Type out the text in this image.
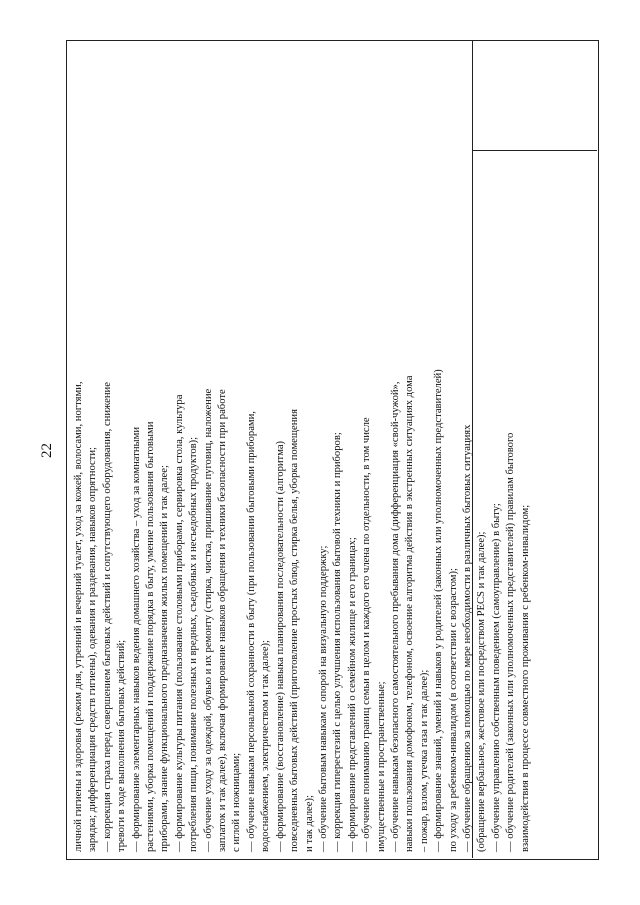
22 личной гигиены и здоровья (режим дня, утренний и вечерний туалет, уход за кожей, волосами, ногтями, зарядка; дифференциация средств гигиены), одевания и раздевания, навыков опрятности; — коррекция страха перед совершением бытовых действий и сопутствующего оборудования, снижение тревоги в ходе выполнения бытовых действий; — формирование элементарных навыков ведения домашнего хозяйства – уход за комнатными растениями, уборка помещений и поддержание порядка в быту, умение пользования бытовыми приборами, знание функционального предназначения жилых помещений и так далее; — формирование культуры питания (пользование столовыми приборами, сервировка стола, культура потребления пищи, понимание полезных и вредных, съедобных и несъедобных продуктов); — обучение уходу за одеждой, обувью и их ремонту (стирка, чистка, пришивание пуговиц, наложение заплаток и так далее), включая формирование навыков обращения и техники безопасности при работе с иглой и ножницами; — обучение навыкам персональной сохранности в быту (при пользовании бытовыми приборами, водоснабжением, электричеством и так далее); — формирование (восстановление) навыка планирования последовательности (алгоритма) повседневных бытовых действий (приготовление простых блюд, стирка белья, уборка помещения и так далее); — обучение бытовым навыкам с опорой на визуальную поддержку; — коррекция гиперестезий с целью улучшения использования бытовой техники и приборов; — формирование представлений о семейном жилище и его границах; — обучение пониманию границ семьи в целом и каждого его члена по отдельности, в том числе имущественные и пространственные; — обучение навыкам безопасного самостоятельного пребывания дома (дифференциация «свой-чужой», навыки пользования домофоном, телефоном, освоение алгоритма действия в экстренных ситуациях дома – пожар, взлом, утечка газа и так далее); — формирование знаний, умений и навыков у родителей (законных или уполномоченных представителей) по уходу за ребенком-инвалидом (в соответствии с возрастом); — обучение обращению за помощью по мере необходимости в различных бытовых ситуациях (обращение вербальное, жестовое или посредством PECS и так далее); — обучение управлению собственным поведением (самоуправление) в быту; — обучение родителей (законных или уполномоченных представителей) правилам бытового взаимодействия в процессе совместного проживания с ребенком-инвалидом;
